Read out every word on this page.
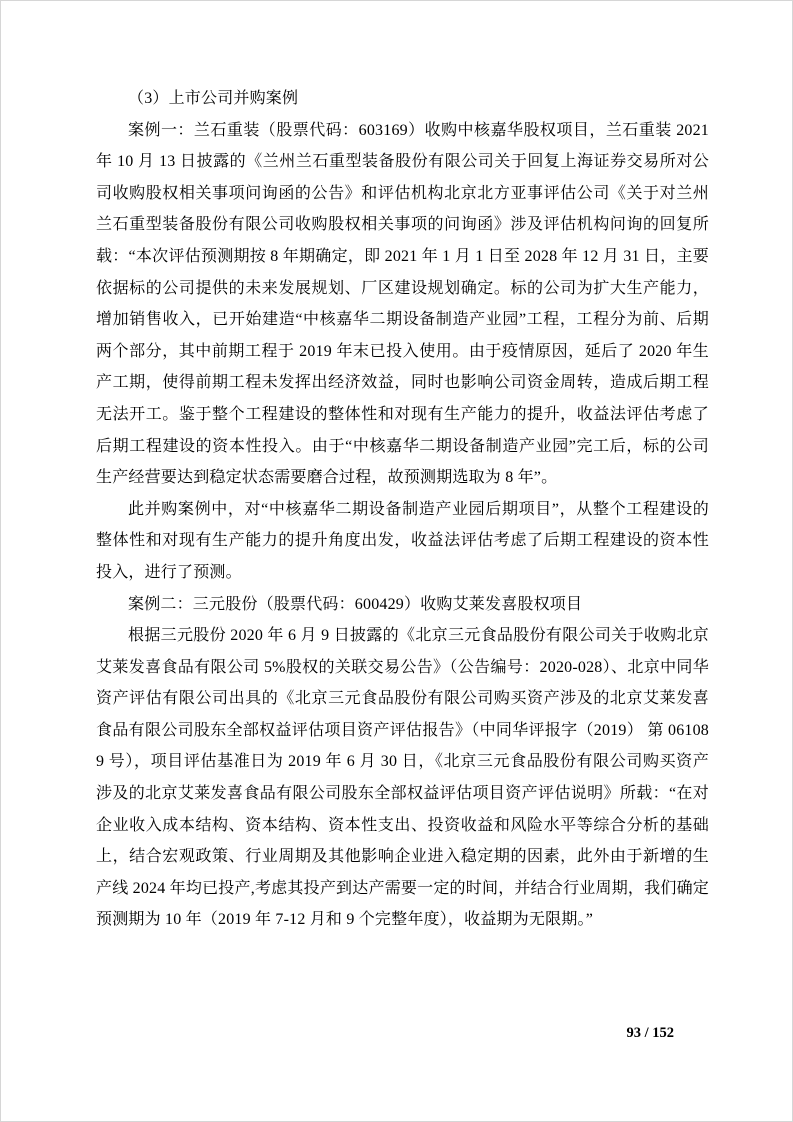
（3）上市公司并购案例

案例一：兰石重装（股票代码：603169）收购中核嘉华股权项目，兰石重装 2021 年 10 月 13 日披露的《兰州兰石重型装备股份有限公司关于回复上海证券交易所对公司收购股权相关事项问询函的公告》和评估机构北京北方亚事评估公司《关于对兰州兰石重型装备股份有限公司收购股权相关事项的问询函》涉及评估机构问询的回复所载：“本次评估预测期按 8 年期确定，即 2021 年 1 月 1 日至 2028 年 12 月 31 日，主要依据标的公司提供的未来发展规划、厂区建设规划确定。标的公司为扩大生产能力，增加销售收入，已开始建造“中核嘉华二期设备制造产业园”工程，工程分为前、后期两个部分，其中前期工程于 2019 年末已投入使用。由于疫情原因，延后了 2020 年生产工期，使得前期工程未发挥出经济效益，同时也影响公司资金周转，造成后期工程无法开工。鉴于整个工程建设的整体性和对现有生产能力的提升，收益法评估考虑了后期工程建设的资本性投入。由于“中核嘉华二期设备制造产业园”完工后，标的公司生产经营要达到稳定状态需要磨合过程，故预测期选取为 8 年”。

此并购案例中，对“中核嘉华二期设备制造产业园后期项目”，从整个工程建设的整体性和对现有生产能力的提升角度出发，收益法评估考虑了后期工程建设的资本性投入，进行了预测。

案例二：三元股份（股票代码：600429）收购艾莱发喜股权项目

根据三元股份 2020 年 6 月 9 日披露的《北京三元食品股份有限公司关于收购北京艾莱发喜食品有限公司 5%股权的关联交易公告》（公告编号：2020-028）、北京中同华资产评估有限公司出具的《北京三元食品股份有限公司购买资产涉及的北京艾莱发喜食品有限公司股东全部权益评估项目资产评估报告》（中同华评报字（2019） 第 061089 号），项目评估基准日为 2019 年 6 月 30 日，《北京三元食品股份有限公司购买资产涉及的北京艾莱发喜食品有限公司股东全部权益评估项目资产评估说明》所载：“在对企业收入成本结构、资本结构、资本性支出、投资收益和风险水平等综合分析的基础上，结合宏观政策、行业周期及其他影响企业进入稳定期的因素，此外由于新增的生产线 2024 年均已投产,考虑其投产到达产需要一定的时间，并结合行业周期，我们确定预测期为 10 年（2019 年 7-12 月和 9 个完整年度），收益期为无限期。”

93 / 152
